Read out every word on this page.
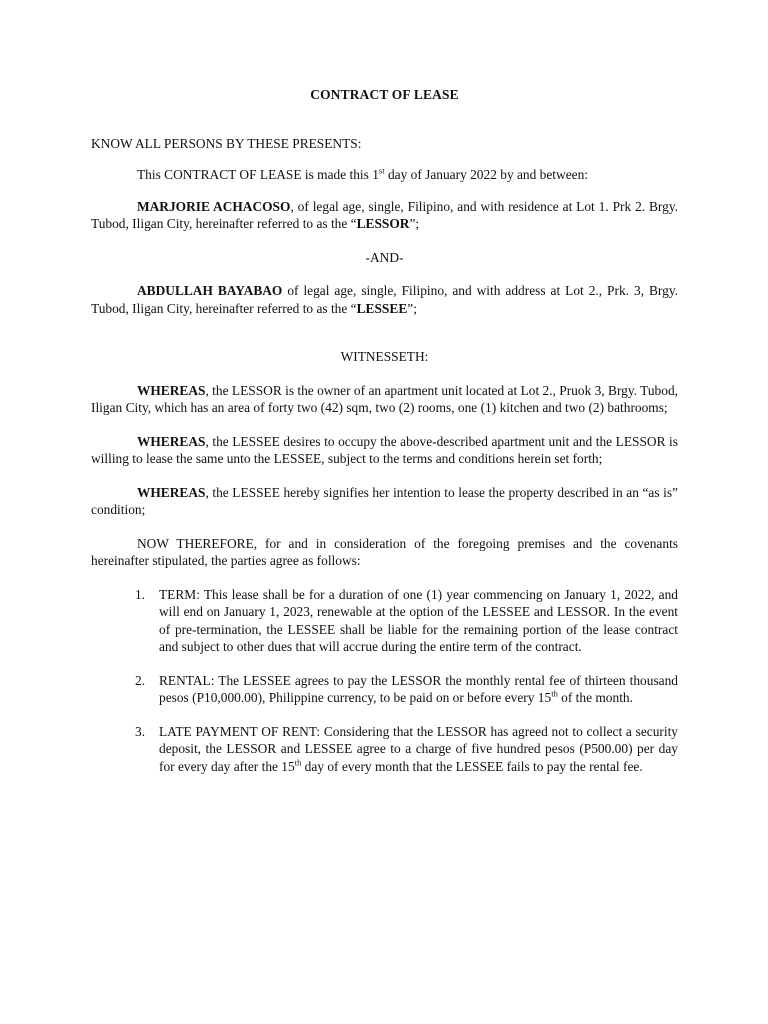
CONTRACT OF LEASE

KNOW ALL PERSONS BY THESE PRESENTS:

This CONTRACT OF LEASE is made this 1st day of January 2022 by and between:

MARJORIE ACHACOSO, of legal age, single, Filipino, and with residence at Lot 1. Prk 2. Brgy. Tubod, Iligan City, hereinafter referred to as the “LESSOR”;

-AND-

ABDULLAH BAYABAO of legal age, single, Filipino, and with address at Lot 2., Prk. 3, Brgy. Tubod, Iligan City, hereinafter referred to as the “LESSEE”;

WITNESSETH:

WHEREAS, the LESSOR is the owner of an apartment unit located at Lot 2., Pruok 3, Brgy. Tubod, Iligan City, which has an area of forty two (42) sqm, two (2) rooms, one (1) kitchen and two (2) bathrooms;

WHEREAS, the LESSEE desires to occupy the above-described apartment unit and the LESSOR is willing to lease the same unto the LESSEE, subject to the terms and conditions herein set forth;

WHEREAS, the LESSEE hereby signifies her intention to lease the property described in an “as is” condition;

NOW THEREFORE, for and in consideration of the foregoing premises and the covenants hereinafter stipulated, the parties agree as follows:

1. TERM: This lease shall be for a duration of one (1) year commencing on January 1, 2022, and will end on January 1, 2023, renewable at the option of the LESSEE and LESSOR. In the event of pre-termination, the LESSEE shall be liable for the remaining portion of the lease contract and subject to other dues that will accrue during the entire term of the contract.
2. RENTAL: The LESSEE agrees to pay the LESSOR the monthly rental fee of thirteen thousand pesos (P10,000.00), Philippine currency, to be paid on or before every 15th of the month.
3. LATE PAYMENT OF RENT: Considering that the LESSOR has agreed not to collect a security deposit, the LESSOR and LESSEE agree to a charge of five hundred pesos (P500.00) per day for every day after the 15th day of every month that the LESSEE fails to pay the rental fee.
